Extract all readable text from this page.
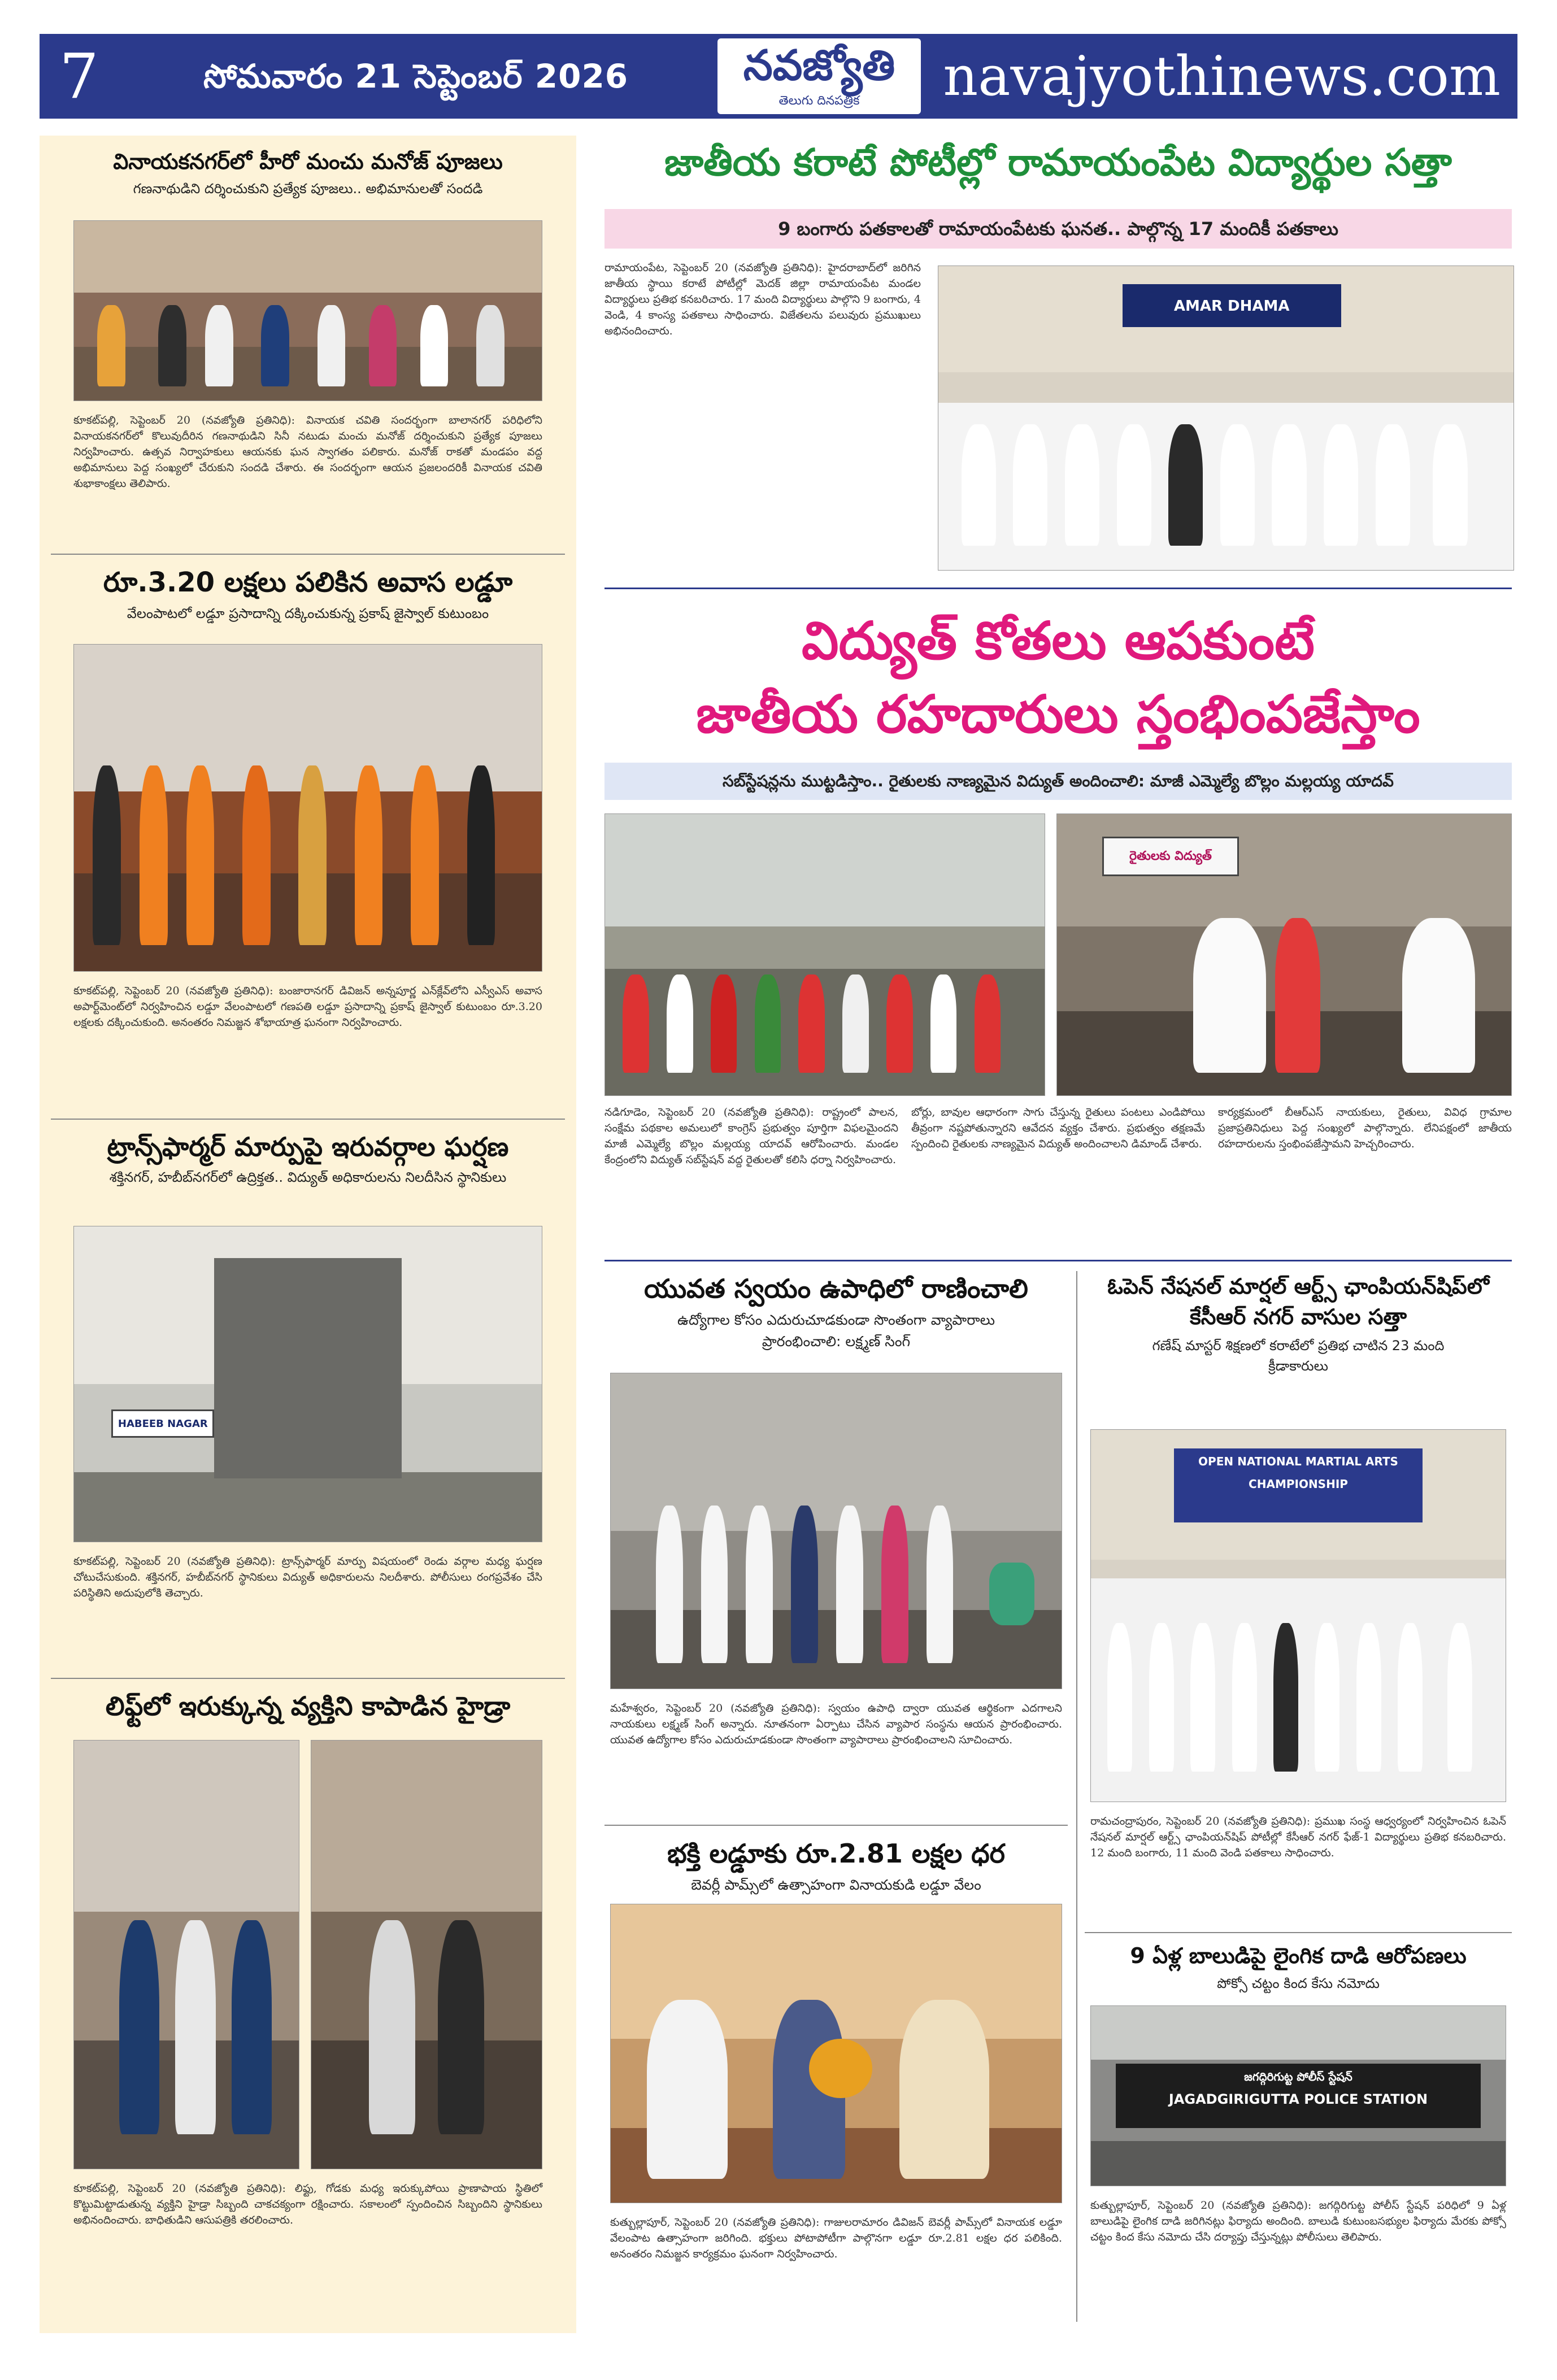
7	సోమవారం 21 సెప్టెంబర్ 2026	నవజ్యోతి
తెలుగు దినపత్రిక	navajyothinews.com
వినాయకనగర్‌లో హీరో మంచు మనోజ్ పూజలు
గణనాథుడిని దర్శించుకుని ప్రత్యేక పూజలు.. అభిమానులతో సందడి
కూకట్‌పల్లి, సెప్టెంబర్ 20 (నవజ్యోతి ప్రతినిధి): వినాయక చవితి సందర్భంగా బాలానగర్ పరిధిలోని వినాయకనగర్‌లో కొలువుదీరిన గణనాథుడిని సినీ నటుడు మంచు మనోజ్ దర్శించుకుని ప్రత్యేక పూజలు నిర్వహించారు. ఉత్సవ నిర్వాహకులు ఆయనకు ఘన స్వాగతం పలికారు. మనోజ్ రాకతో మండపం వద్ద అభిమానులు పెద్ద సంఖ్యలో చేరుకుని సందడి చేశారు. ఈ సందర్భంగా ఆయన ప్రజలందరికీ వినాయక చవితి శుభాకాంక్షలు తెలిపారు.
రూ.3.20 లక్షలు పలికిన అవాస లడ్డూ
వేలంపాటలో లడ్డూ ప్రసాదాన్ని దక్కించుకున్న ప్రకాష్ జైస్వాల్ కుటుంబం
కూకట్‌పల్లి, సెప్టెంబర్ 20 (నవజ్యోతి ప్రతినిధి): బంజారానగర్ డివిజన్ అన్నపూర్ణ ఎన్‌క్లేవ్‌లోని ఎస్వీఎస్ అవాస అపార్ట్‌మెంట్‌లో నిర్వహించిన లడ్డూ వేలంపాటలో గణపతి లడ్డూ ప్రసాదాన్ని ప్రకాష్ జైస్వాల్ కుటుంబం రూ.3.20 లక్షలకు దక్కించుకుంది. అనంతరం నిమజ్జన శోభాయాత్ర ఘనంగా నిర్వహించారు.
ట్రాన్స్‌ఫార్మర్ మార్పుపై ఇరువర్గాల ఘర్షణ
శక్తినగర్, హబీబ్‌నగర్‌లో ఉద్రిక్తత.. విద్యుత్ అధికారులను నిలదీసిన స్థానికులు
HABEEB NAGAR
కూకట్‌పల్లి, సెప్టెంబర్ 20 (నవజ్యోతి ప్రతినిధి): ట్రాన్స్‌ఫార్మర్ మార్పు విషయంలో రెండు వర్గాల మధ్య ఘర్షణ చోటుచేసుకుంది. శక్తినగర్, హబీబ్‌నగర్ స్థానికులు విద్యుత్ అధికారులను నిలదీశారు. పోలీసులు రంగప్రవేశం చేసి పరిస్థితిని అదుపులోకి తెచ్చారు.
లిఫ్ట్‌లో ఇరుక్కున్న వ్యక్తిని కాపాడిన హైడ్రా
కూకట్‌పల్లి, సెప్టెంబర్ 20 (నవజ్యోతి ప్రతినిధి): లిఫ్టు, గోడకు మధ్య ఇరుక్కుపోయి ప్రాణాపాయ స్థితిలో కొట్టుమిట్టాడుతున్న వ్యక్తిని హైడ్రా సిబ్బంది చాకచక్యంగా రక్షించారు. సకాలంలో స్పందించిన సిబ్బందిని స్థానికులు అభినందించారు. బాధితుడిని ఆసుపత్రికి తరలించారు.
జాతీయ కరాటే పోటీల్లో రామాయంపేట విద్యార్థుల సత్తా
9 బంగారు పతకాలతో రామాయంపేటకు ఘనత.. పాల్గొన్న 17 మందికీ పతకాలు
రామాయంపేట, సెప్టెంబర్ 20 (నవజ్యోతి ప్రతినిధి): హైదరాబాద్‌లో జరిగిన జాతీయ స్థాయి కరాటే పోటీల్లో మెదక్ జిల్లా రామాయంపేట మండల విద్యార్థులు ప్రతిభ కనబరిచారు. 17 మంది విద్యార్థులు పాల్గొని 9 బంగారు, 4 వెండి, 4 కాంస్య పతకాలు సాధించారు. విజేతలను పలువురు ప్రముఖులు అభినందించారు.
AMAR DHAMA
విద్యుత్ కోతలు ఆపకుంటే
జాతీయ రహదారులు స్తంభింపజేస్తాం
సబ్‌స్టేషన్లను ముట్టడిస్తాం.. రైతులకు నాణ్యమైన విద్యుత్ అందించాలి: మాజీ ఎమ్మెల్యే బొల్లం మల్లయ్య యాదవ్
రైతులకు విద్యుత్
నడిగూడెం, సెప్టెంబర్ 20 (నవజ్యోతి ప్రతినిధి): రాష్ట్రంలో పాలన, సంక్షేమ పథకాల అమలులో కాంగ్రెస్ ప్రభుత్వం పూర్తిగా విఫలమైందని మాజీ ఎమ్మెల్యే బొల్లం మల్లయ్య యాదవ్ ఆరోపించారు. మండల కేంద్రంలోని విద్యుత్ సబ్‌స్టేషన్ వద్ద రైతులతో కలిసి ధర్నా నిర్వహించారు.
బోర్లు, బావుల ఆధారంగా సాగు చేస్తున్న రైతులు పంటలు ఎండిపోయి తీవ్రంగా నష్టపోతున్నారని ఆవేదన వ్యక్తం చేశారు. ప్రభుత్వం తక్షణమే స్పందించి రైతులకు నాణ్యమైన విద్యుత్ అందించాలని డిమాండ్ చేశారు.
కార్యక్రమంలో బీఆర్ఎస్ నాయకులు, రైతులు, వివిధ గ్రామాల ప్రజాప్రతినిధులు పెద్ద సంఖ్యలో పాల్గొన్నారు. లేనిపక్షంలో జాతీయ రహదారులను స్తంభింపజేస్తామని హెచ్చరించారు.
యువత స్వయం ఉపాధిలో రాణించాలి
ఉద్యోగాల కోసం ఎదురుచూడకుండా సొంతంగా వ్యాపారాలు
ప్రారంభించాలి: లక్ష్మణ్ సింగ్
మహేశ్వరం, సెప్టెంబర్ 20 (నవజ్యోతి ప్రతినిధి): స్వయం ఉపాధి ద్వారా యువత ఆర్థికంగా ఎదగాలని నాయకులు లక్ష్మణ్ సింగ్ అన్నారు. నూతనంగా ఏర్పాటు చేసిన వ్యాపార సంస్థను ఆయన ప్రారంభించారు. యువత ఉద్యోగాల కోసం ఎదురుచూడకుండా సొంతంగా వ్యాపారాలు ప్రారంభించాలని సూచించారు.
భక్తి లడ్డూకు రూ.2.81 లక్షల ధర
బెవర్లీ పామ్స్‌లో ఉత్సాహంగా వినాయకుడి లడ్డూ వేలం
కుత్బుల్లాపూర్, సెప్టెంబర్ 20 (నవజ్యోతి ప్రతినిధి): గాజులరామారం డివిజన్ బెవర్లీ పామ్స్‌లో వినాయక లడ్డూ వేలంపాట ఉత్సాహంగా జరిగింది. భక్తులు పోటాపోటీగా పాల్గొనగా లడ్డూ రూ.2.81 లక్షల ధర పలికింది. అనంతరం నిమజ్జన కార్యక్రమం ఘనంగా నిర్వహించారు.
ఓపెన్ నేషనల్ మార్షల్ ఆర్ట్స్ ఛాంపియన్‌షిప్‌లో
కేసీఆర్ నగర్ వాసుల సత్తా
గణేష్ మాస్టర్ శిక్షణలో కరాటేలో ప్రతిభ చాటిన 23 మంది
క్రీడాకారులు
OPEN NATIONAL MARTIAL ARTS CHAMPIONSHIP
రామచంద్రాపురం, సెప్టెంబర్ 20 (నవజ్యోతి ప్రతినిధి): ప్రముఖ సంస్థ ఆధ్వర్యంలో నిర్వహించిన ఓపెన్ నేషనల్ మార్షల్ ఆర్ట్స్ ఛాంపియన్‌షిప్ పోటీల్లో కేసీఆర్ నగర్ ఫేజ్-1 విద్యార్థులు ప్రతిభ కనబరిచారు. 12 మంది బంగారు, 11 మంది వెండి పతకాలు సాధించారు.
9 ఏళ్ల బాలుడిపై లైంగిక దాడి ఆరోపణలు
పోక్సో చట్టం కింద కేసు నమోదు
జగద్గిరిగుట్ట పోలీస్ స్టేషన్
JAGADGIRIGUTTA POLICE STATION
కుత్బుల్లాపూర్, సెప్టెంబర్ 20 (నవజ్యోతి ప్రతినిధి): జగద్గిరిగుట్ట పోలీస్ స్టేషన్ పరిధిలో 9 ఏళ్ల బాలుడిపై లైంగిక దాడి జరిగినట్లు ఫిర్యాదు అందింది. బాలుడి కుటుంబసభ్యుల ఫిర్యాదు మేరకు పోక్సో చట్టం కింద కేసు నమోదు చేసి దర్యాప్తు చేస్తున్నట్లు పోలీసులు తెలిపారు.
